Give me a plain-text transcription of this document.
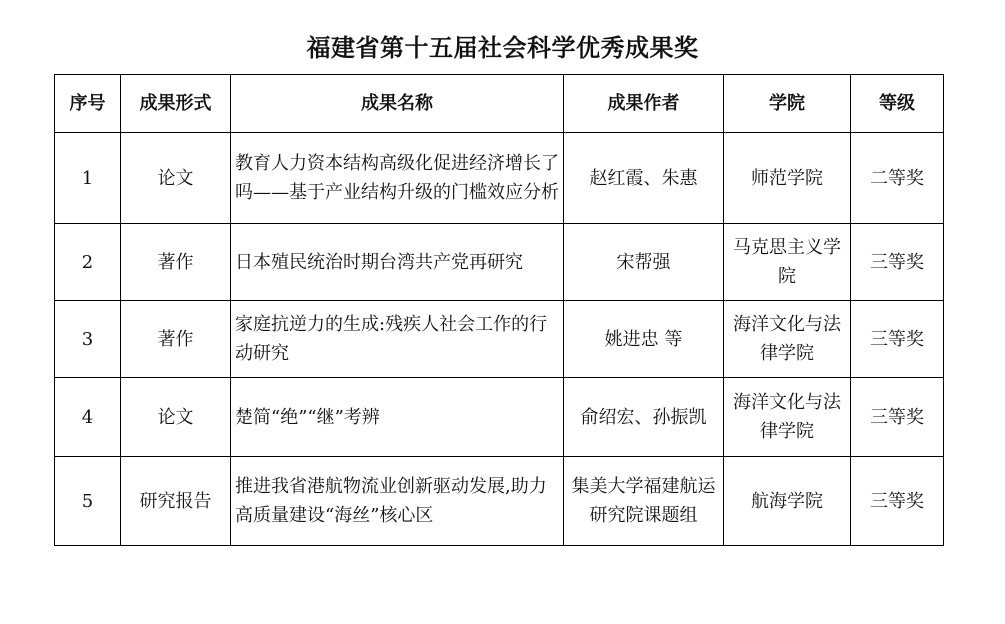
福建省第十五届社会科学优秀成果奖
序号	成果形式	成果名称	成果作者	学院	等级
1	论文	教育人力资本结构高级化促进经济增长了吗——基于产业结构升级的门槛效应分析	赵红霞、朱惠	师范学院	二等奖
2	著作	日本殖民统治时期台湾共产党再研究	宋帮强	马克思主义学院	三等奖
3	著作	家庭抗逆力的生成:残疾人社会工作的行动研究	姚进忠 等	海洋文化与法律学院	三等奖
4	论文	楚简“绝”“继”考辨	俞绍宏、孙振凯	海洋文化与法律学院	三等奖
5	研究报告	推进我省港航物流业创新驱动发展,助力高质量建设“海丝”核心区	集美大学福建航运研究院课题组	航海学院	三等奖
